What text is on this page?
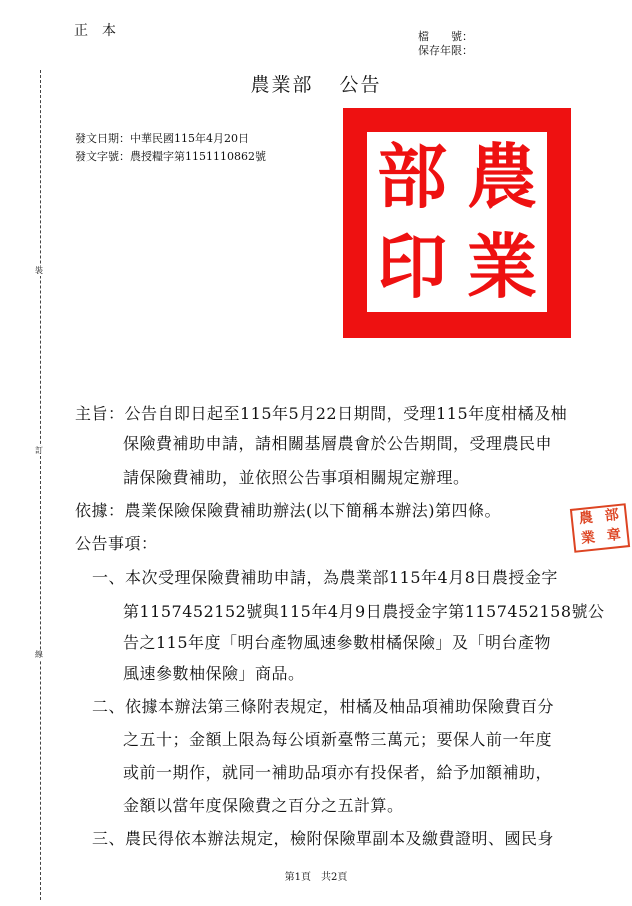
正本	檔　　號：
保存年限：
裝
訂
線
農業部 公告
發文日期：中華民國115年4月20日
發文字號：農授糧字第1151110862號 部 農
印 業
農 部
業 章
主旨：公告自即日起至115年5月22日期間，受理115年度柑橘及柚
保險費補助申請，請相關基層農會於公告期間，受理農民申
請保險費補助，並依照公告事項相關規定辦理。
依據：農業保險保險費補助辦法(以下簡稱本辦法)第四條。
公告事項：
一、本次受理保險費補助申請，為農業部115年4月8日農授金字
第1157452152號與115年4月9日農授金字第1157452158號公
告之115年度「明台產物風速參數柑橘保險」及「明台產物
風速參數柚保險」商品。
二、依據本辦法第三條附表規定，柑橘及柚品項補助保險費百分
之五十；金額上限為每公頃新臺幣三萬元；要保人前一年度
或前一期作，就同一補助品項亦有投保者，給予加額補助，
金額以當年度保險費之百分之五計算。
三、農民得依本辦法規定，檢附保險單副本及繳費證明、國民身
第1頁 共2頁
